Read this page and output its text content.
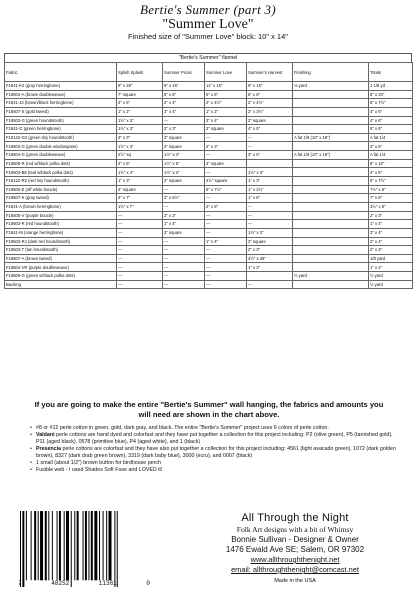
Bertie's Summer (part 3)
"Summer Love"
Finished size of "Summer Love" block: 10" x 14"
"Bertie's Summer" flannel
Fabric	Splish Splash	Summer Picnic	Summer Love	Summer's Harvest	Finishing	Totals
F1841-K2 (gray herringbone)	9" x 25"	9" x 15"	11" x 15"	9" x 15"	⅛ yard	1 1/8 yd
F18504-A (brown doubleweave)	7" square	8" x 8"	5" x 6"	6" x 6"		8" x 20"
F1841-J2 (brown/black herringbone)	3" x 5"	2" x 4"	2" x 4½"	2" x 4½"		6" x 7½"
F18507-S (gold tweed)	1" x 2"	3" x 4"	1" x 2"	2" x 3½"		4" x 6"
F18503-G (green houndstooth)	1½" x 3"	---	3" x 4"	3" square		4" x 6"
F1841-G (green herringbone)	1½" x 3"	2" x 3"	3" square	4" x 5"		5" x 6"
F18122-G2 (green tiny houndstooth)	3" x 3"	3" square	---	---	A fat 1/8 (10" x 18")	A fat 1/4
F18502-G (green double windowpane)	1½" x 3"	3" square	2" x 3"	---		3" x 6"
F18504-G (green doubleweave)	2½" sq	1½" x 4"	---	3" x 5"	A fat 1/8 (10" x 18")	A fat 1/4
F18506-R (red w/black polka dots)	4" x 6"	1½" x 5"	3" square			6" x 10"
F18503-B8 (teal w/black polka dots)	1½" x 4"	1½" x 4"	---	1½" x 3"		4" x 5"
F18122-R2 (red tiny houndstooth)	1" x 3"	2" square	4½" square	1" x 3"		5" x 7½"
F18505-E (off white boucle)	3" square	---	5" x 7½"	1" x 2½"		7½" x 8"
F18507-K (gray tweed)	4" x 7"	2" x 6½"	---	1" x 6"		7" x 8"
F1841-A (brown herringbone)	1½" x 7"	---	2" x 8"	---		3½" x 8"
F18505-V (purple boucle)	---	2" x 3"	---	---		2" x 3"
F18503-R (red houndstooth)	---	1" x 4"	---	---		1" x 4"
F1841-M (orange herringbone)	---	3" square	---	1½" x 3"		3" x 4"
F18503-RJ (dark red houndstooth)	---	---	1" x 4"	2" square		2" x 4"
F18503-T (tan houndstooth)	---	---	---	2" x 3"		2" x 3"
F18507-A (brown tweed)	---	---	---	4½" x 29"		1/8 yard
F18504-VR (purple doubleweave)	---	---	---	1" x 2"		1" x 2"
F18506-G (green w/black polka dots)	---	---	---		½ yard	½ yard
Backing	---	---	---	---		½ yard
If you are going to make the entire "Bertie's Summer" wall hanging, the fabrics and amounts you will need are shown in the chart above.
• #8 or #12 perle cotton in green, gold, dark gray, and black. The entire "Bertie's Summer" project uses 6 colors of perle cotton.
• Valdani perle cottons are hand dyed and colorfast and they have put together a collection for this project including: P2 (olive green), P5 (tarnished gold), P11 (aged black), 0578 (primitive blue), P4 (aged white), and 1 (black)
• Presencia perle cottons are colorfast and they have also put together a collection for this project including: 4561 (light avacado green), 1072 (dark golden brown), 8327 (dark drab green brown), 3319 (dark baby blue), 3000 (ecru), and 0007 (black)
• 1 small (about 1/2") brown button for birdhouse perch
• Fusible web - I used Shades Soft Fuse and LOVED it!
7	48252	11361	0
All Through the Night
Folk Art designs with a bit of Whimsy
Bonnie Sullivan - Designer & Owner
1476 Ewald Ave SE; Salem, OR 97302
www.allthroughthenight.net
email: allthroughthenight@comcast.net
Made in the USA
